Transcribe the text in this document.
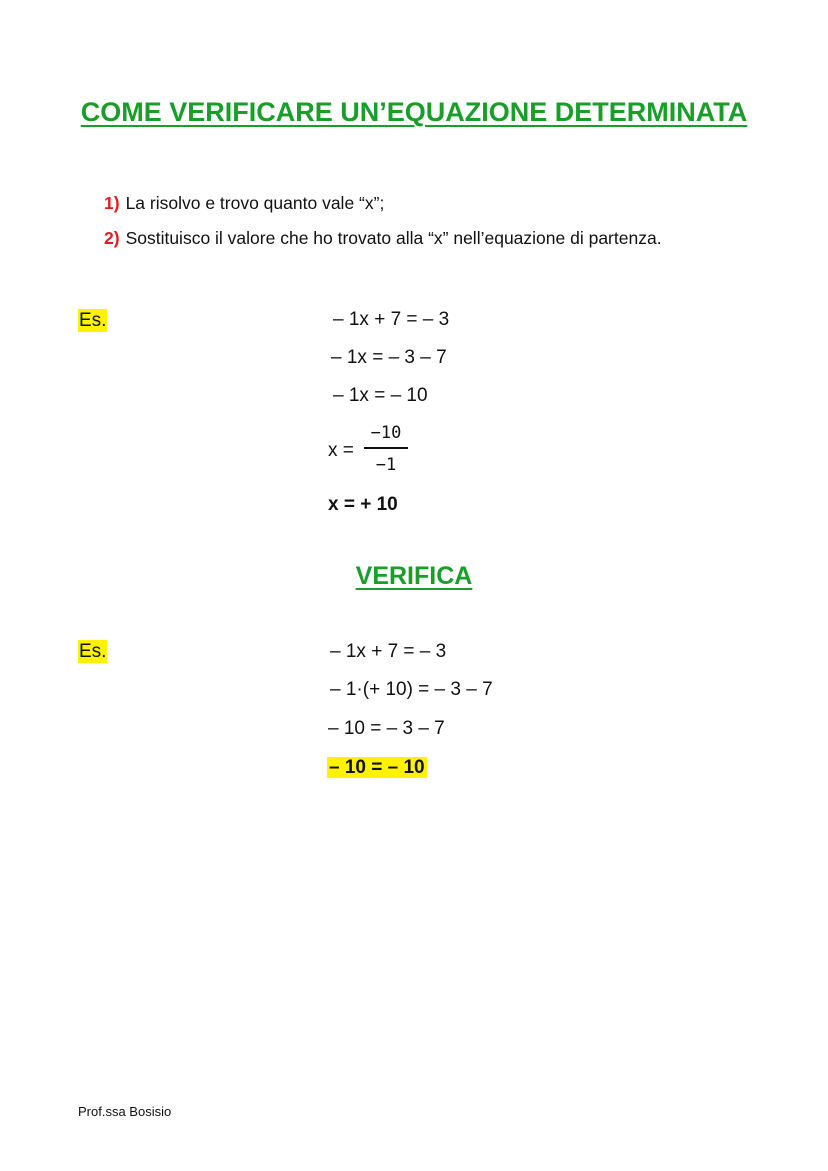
COME VERIFICARE UN’EQUAZIONE DETERMINATA
1) La risolvo e trovo quanto vale “x”;
2) Sostituisco il valore che ho trovato alla “x” nell’equazione di partenza.
Es.	– 1x + 7 = – 3
– 1x = – 3 – 7
– 1x = – 10
x =
−10
−1
x = + 10
VERIFICA
Es.	– 1x + 7 = – 3
– 1·(+ 10) = – 3 – 7
– 10 = – 3 – 7
– 10 = – 10
Prof.ssa Bosisio
